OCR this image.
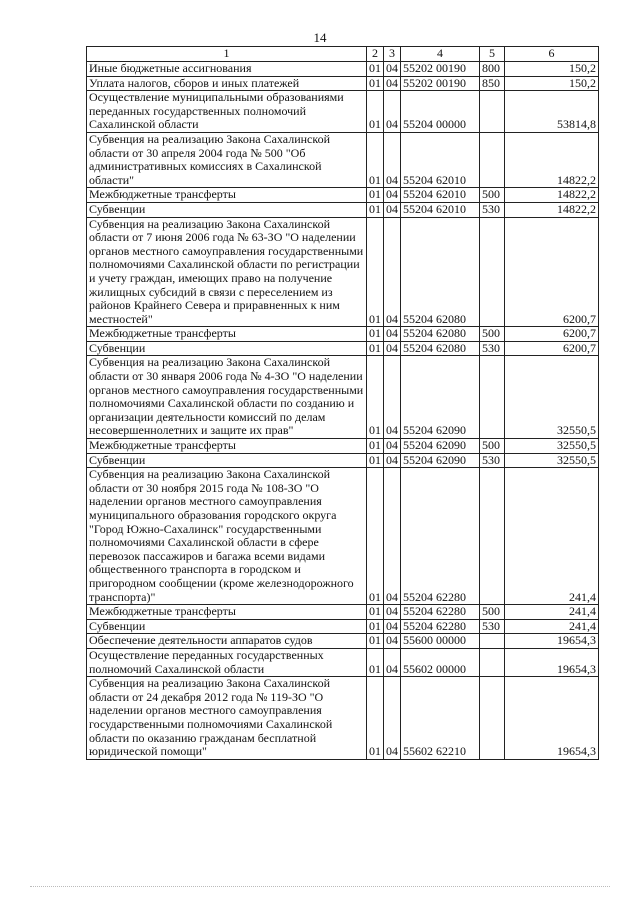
14
1	2	3	4	5	6
Иные бюджетные ассигнования	01	04	55202 00190	800	150,2
Уплата налогов, сборов и иных платежей	01	04	55202 00190	850	150,2
Осуществление муниципальными образованиями переданных государственных полномочий Сахалинской области	01	04	55204 00000		53814,8
Субвенция на реализацию Закона Сахалинской области от 30 апреля 2004 года № 500 "Об административных комиссиях в Сахалинской области"	01	04	55204 62010		14822,2
Межбюджетные трансферты	01	04	55204 62010	500	14822,2
Субвенции	01	04	55204 62010	530	14822,2
Субвенция на реализацию Закона Сахалинской области от 7 июня 2006 года № 63-ЗО "О наделении органов местного самоуправления государственными полномочиями Сахалинской области по регистрации и учету граждан, имеющих право на получение жилищных субсидий в связи с переселением из районов Крайнего Севера и приравненных к ним местностей"	01	04	55204 62080		6200,7
Межбюджетные трансферты	01	04	55204 62080	500	6200,7
Субвенции	01	04	55204 62080	530	6200,7
Субвенция на реализацию Закона Сахалинской области от 30 января 2006 года № 4-ЗО "О наделении органов местного самоуправления государственными полномочиями Сахалинской области по созданию и организации деятельности комиссий по делам несовершеннолетних и защите их прав"	01	04	55204 62090		32550,5
Межбюджетные трансферты	01	04	55204 62090	500	32550,5
Субвенции	01	04	55204 62090	530	32550,5
Субвенция на реализацию Закона Сахалинской области от 30 ноября 2015 года № 108-ЗО "О наделении органов местного самоуправления муниципального образования городского округа "Город Южно-Сахалинск" государственными полномочиями Сахалинской области в сфере перевозок пассажиров и багажа всеми видами общественного транспорта в городском и пригородном сообщении (кроме железнодорожного транспорта)"	01	04	55204 62280		241,4
Межбюджетные трансферты	01	04	55204 62280	500	241,4
Субвенции	01	04	55204 62280	530	241,4
Обеспечение деятельности аппаратов судов	01	04	55600 00000		19654,3
Осуществление переданных государственных полномочий Сахалинской области	01	04	55602 00000		19654,3
Субвенция на реализацию Закона Сахалинской области от 24 декабря 2012 года № 119-ЗО "О наделении органов местного самоуправления государственными полномочиями Сахалинской области по оказанию гражданам бесплатной юридической помощи"	01	04	55602 62210		19654,3
